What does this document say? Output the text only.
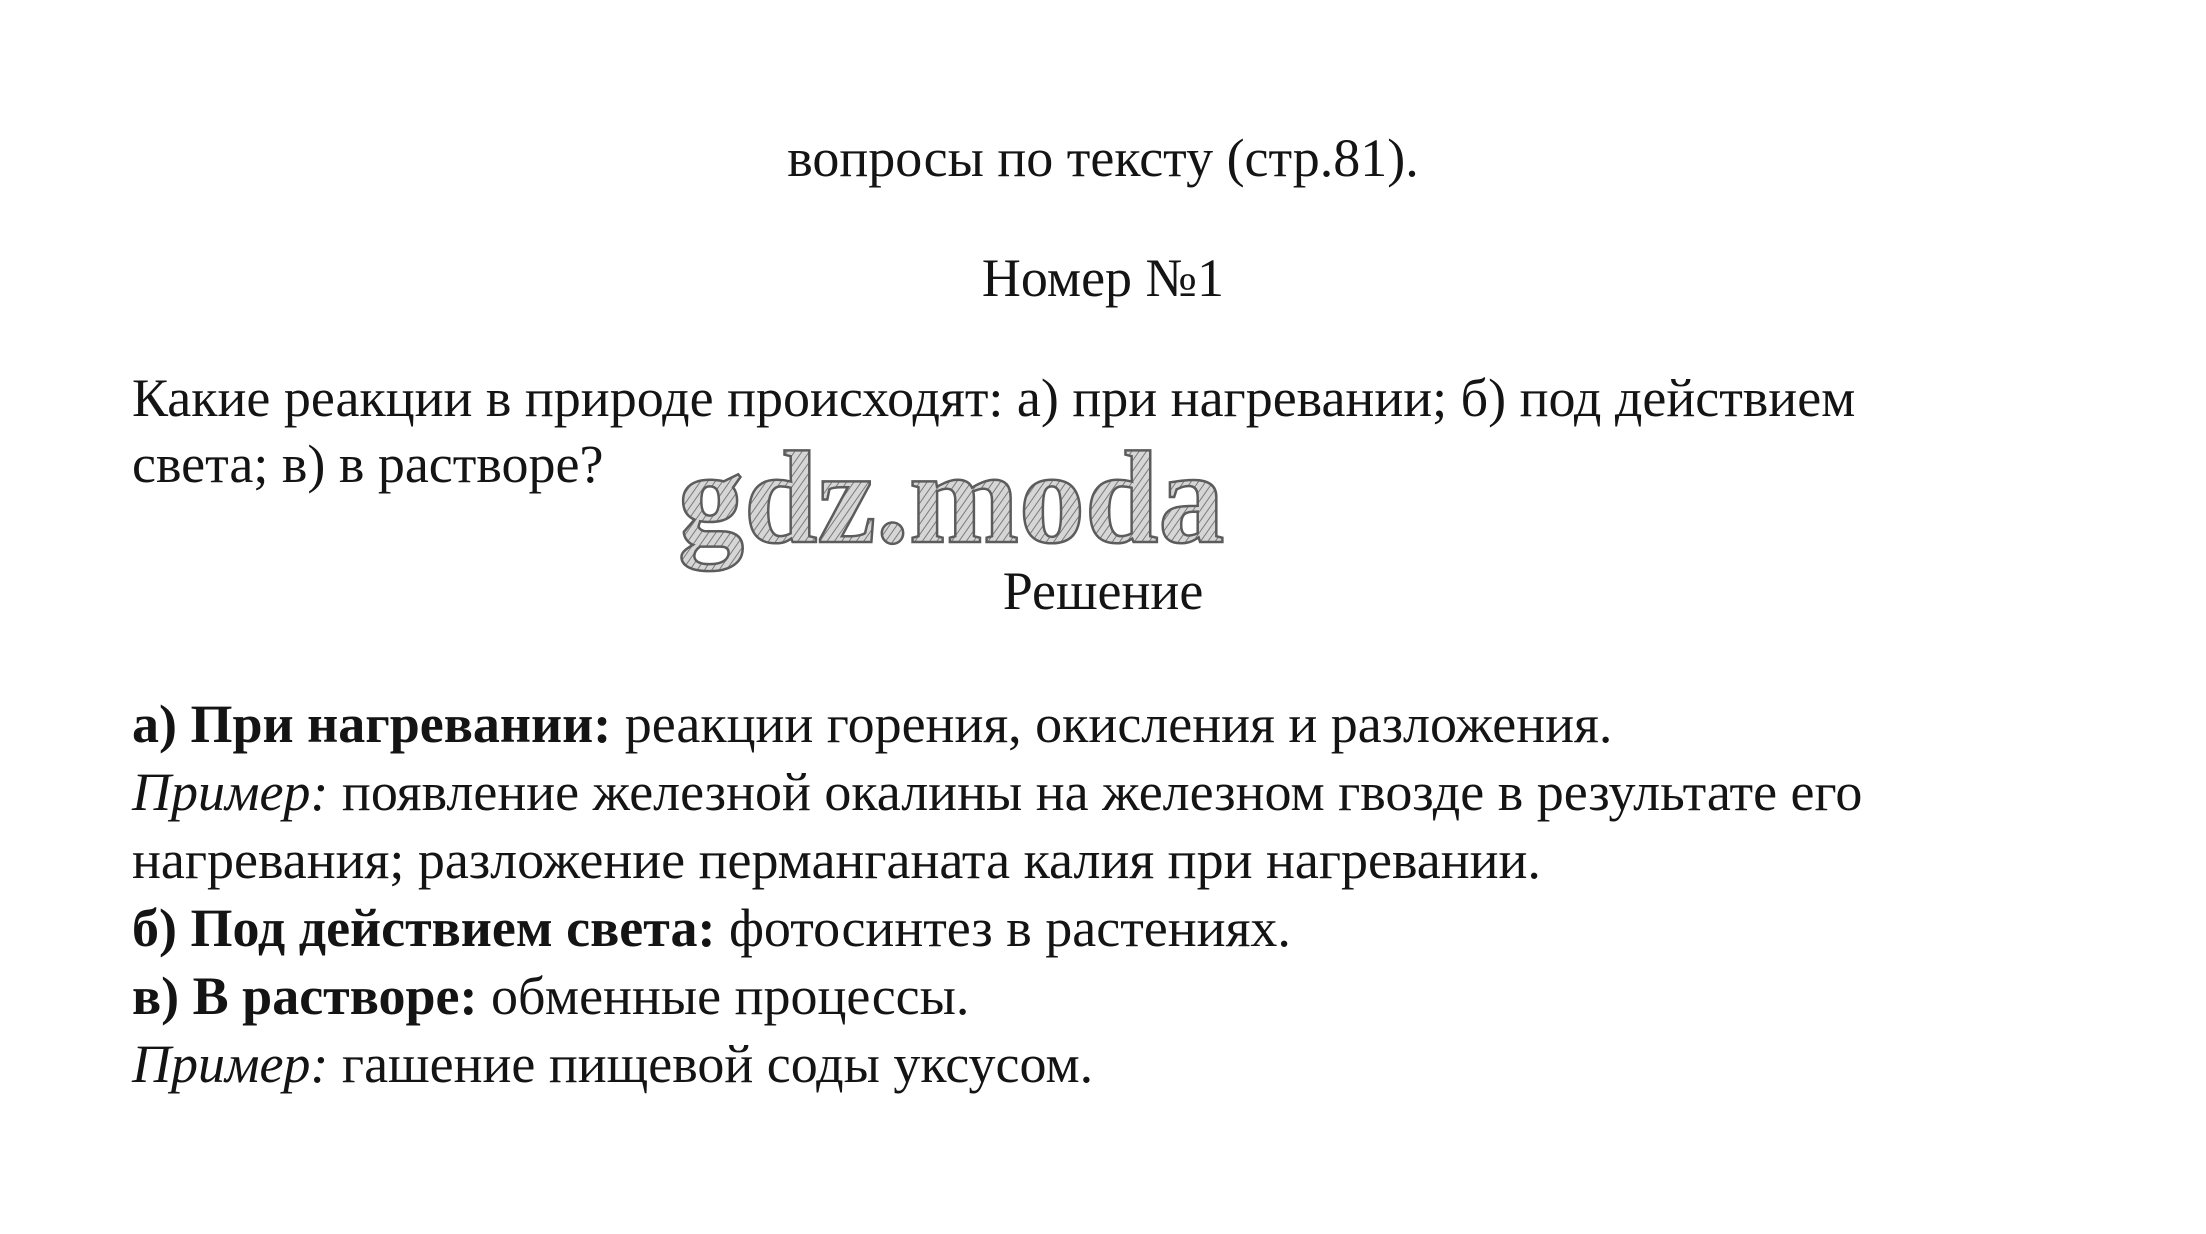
вопросы по тексту (стр.81).
Номер №1
Какие реакции в природе происходят: а) при нагревании; б) под действием
света; в) в растворе? gdz.moda
Решение
а) При нагревании: реакции горения, окисления и разложения.
Пример: появление железной окалины на железном гвозде в результате его
нагревания; разложение перманганата калия при нагревании.
б) Под действием света: фотосинтез в растениях.
в) В растворе: обменные процессы.
Пример: гашение пищевой соды уксусом.
